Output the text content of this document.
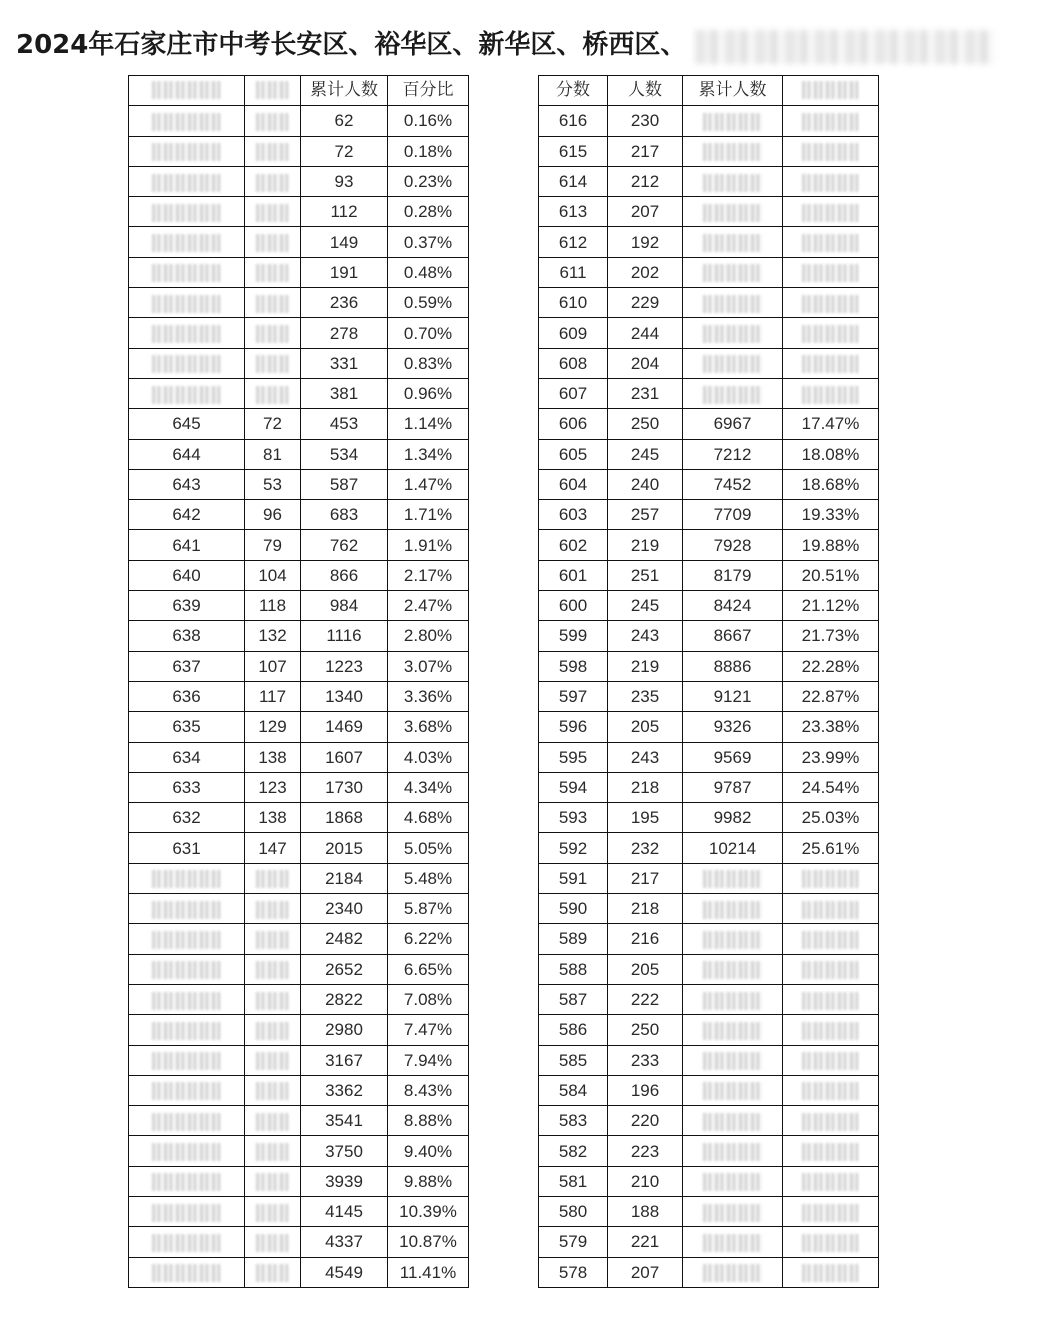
2024年石家庄市中考长安区、裕华区、新华区、桥西区、
		累计人数	百分比
		62	0.16%
		72	0.18%
		93	0.23%
		112	0.28%
		149	0.37%
		191	0.48%
		236	0.59%
		278	0.70%
		331	0.83%
		381	0.96%
645	72	453	1.14%
644	81	534	1.34%
643	53	587	1.47%
642	96	683	1.71%
641	79	762	1.91%
640	104	866	2.17%
639	118	984	2.47%
638	132	1116	2.80%
637	107	1223	3.07%
636	117	1340	3.36%
635	129	1469	3.68%
634	138	1607	4.03%
633	123	1730	4.34%
632	138	1868	4.68%
631	147	2015	5.05%
		2184	5.48%
		2340	5.87%
		2482	6.22%
		2652	6.65%
		2822	7.08%
		2980	7.47%
		3167	7.94%
		3362	8.43%
		3541	8.88%
		3750	9.40%
		3939	9.88%
		4145	10.39%
		4337	10.87%
		4549	11.41%
分数	人数	累计人数	
616	230		
615	217		
614	212		
613	207		
612	192		
611	202		
610	229		
609	244		
608	204		
607	231		
606	250	6967	17.47%
605	245	7212	18.08%
604	240	7452	18.68%
603	257	7709	19.33%
602	219	7928	19.88%
601	251	8179	20.51%
600	245	8424	21.12%
599	243	8667	21.73%
598	219	8886	22.28%
597	235	9121	22.87%
596	205	9326	23.38%
595	243	9569	23.99%
594	218	9787	24.54%
593	195	9982	25.03%
592	232	10214	25.61%
591	217		
590	218		
589	216		
588	205		
587	222		
586	250		
585	233		
584	196		
583	220		
582	223		
581	210		
580	188		
579	221		
578	207		
